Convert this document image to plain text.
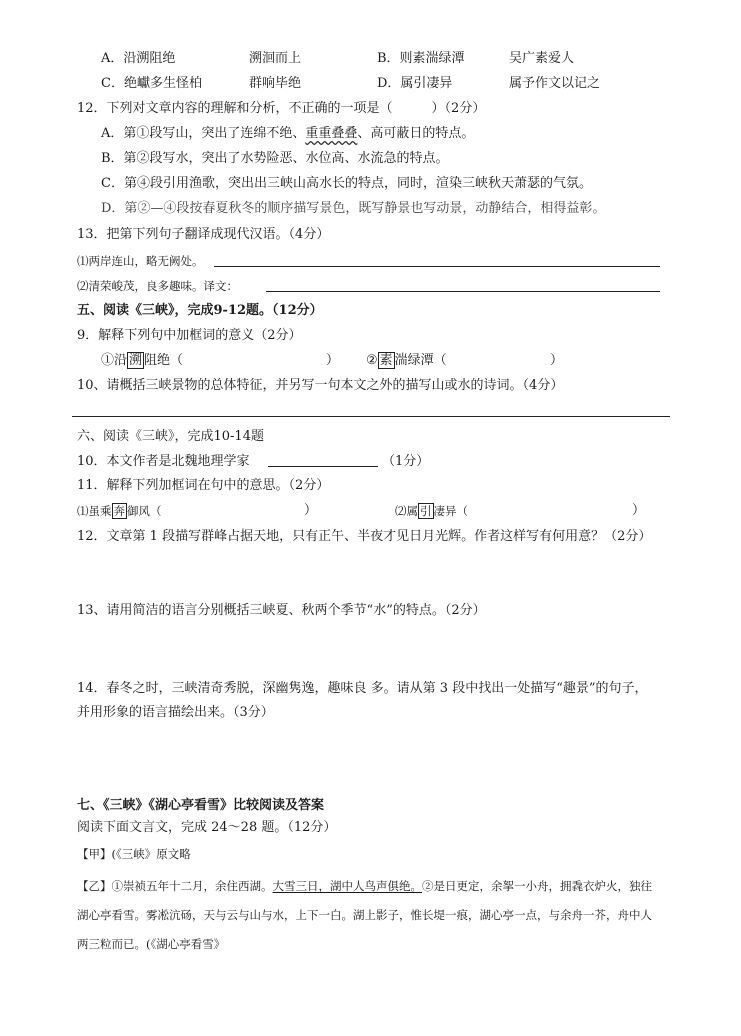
A．沿溯阻绝	溯洄而上	B．则素湍绿潭	吴广素爱人
C．绝巘多生怪柏	群响毕绝	D．属引凄异	属予作文以记之
12．下列对文章内容的理解和分析，不正确的一项是（　　　）（2分）
A．第①段写山，突出了连绵不绝、重重叠叠、高可蔽日的特点。
B．第②段写水，突出了水势险恶、水位高、水流急的特点。
C．第④段引用渔歌，突出出三峡山高水长的特点，同时，渲染三峡秋天萧瑟的气氛。
D．第②—④段按春夏秋冬的顺序描写景色，既写静景也写动景，动静结合，相得益彰。
13．把第下列句子翻译成现代汉语。（4分）
⑴两岸连山，略无阙处。
⑵清荣峻茂，良多趣味。译文：
五、阅读《三峡》，完成9-12题。（12分）
9．解释下列句中加框词的意义（2分）
①沿 溯 阻绝（	） ② 素 湍绿潭（	）
10、请概括三峡景物的总体特征，并另写一句本文之外的描写山或水的诗词。（4分）
六、阅读《三峡》，完成10-14题
10．本文作者是北魏地理学家	（1分）
11．解释下列加框词在句中的意思。（2分）
⑴虽乘 奔 御风（	）	⑵属 引 凄异（	）
12．文章第 1 段描写群峰占据天地，只有正午、半夜才见日月光辉。作者这样写有何用意？（2分）
13、请用简洁的语言分别概括三峡夏、秋两个季节“水”的特点。（2分）
14．春冬之时，三峡清奇秀脱，深幽隽逸，趣味良 多。请从第 3 段中找出一处描写“趣景”的句子，
并用形象的语言描绘出来。（3分）
七、《三峡》《湖心亭看雪》比较阅读及答案
阅读下面文言文，完成 24～28 题。（12分）
【甲】(《三峡》原文略
【乙】①崇祯五年十二月，余住西湖。大雪三日，湖中人鸟声俱绝。②是日更定，余挐一小舟，拥毳衣炉火，独往
湖心亭看雪。雾凇沆砀，天与云与山与水，上下一白。湖上影子，惟长堤一痕，湖心亭一点，与余舟一芥，舟中人
两三粒而已。(《湖心亭看雪》
